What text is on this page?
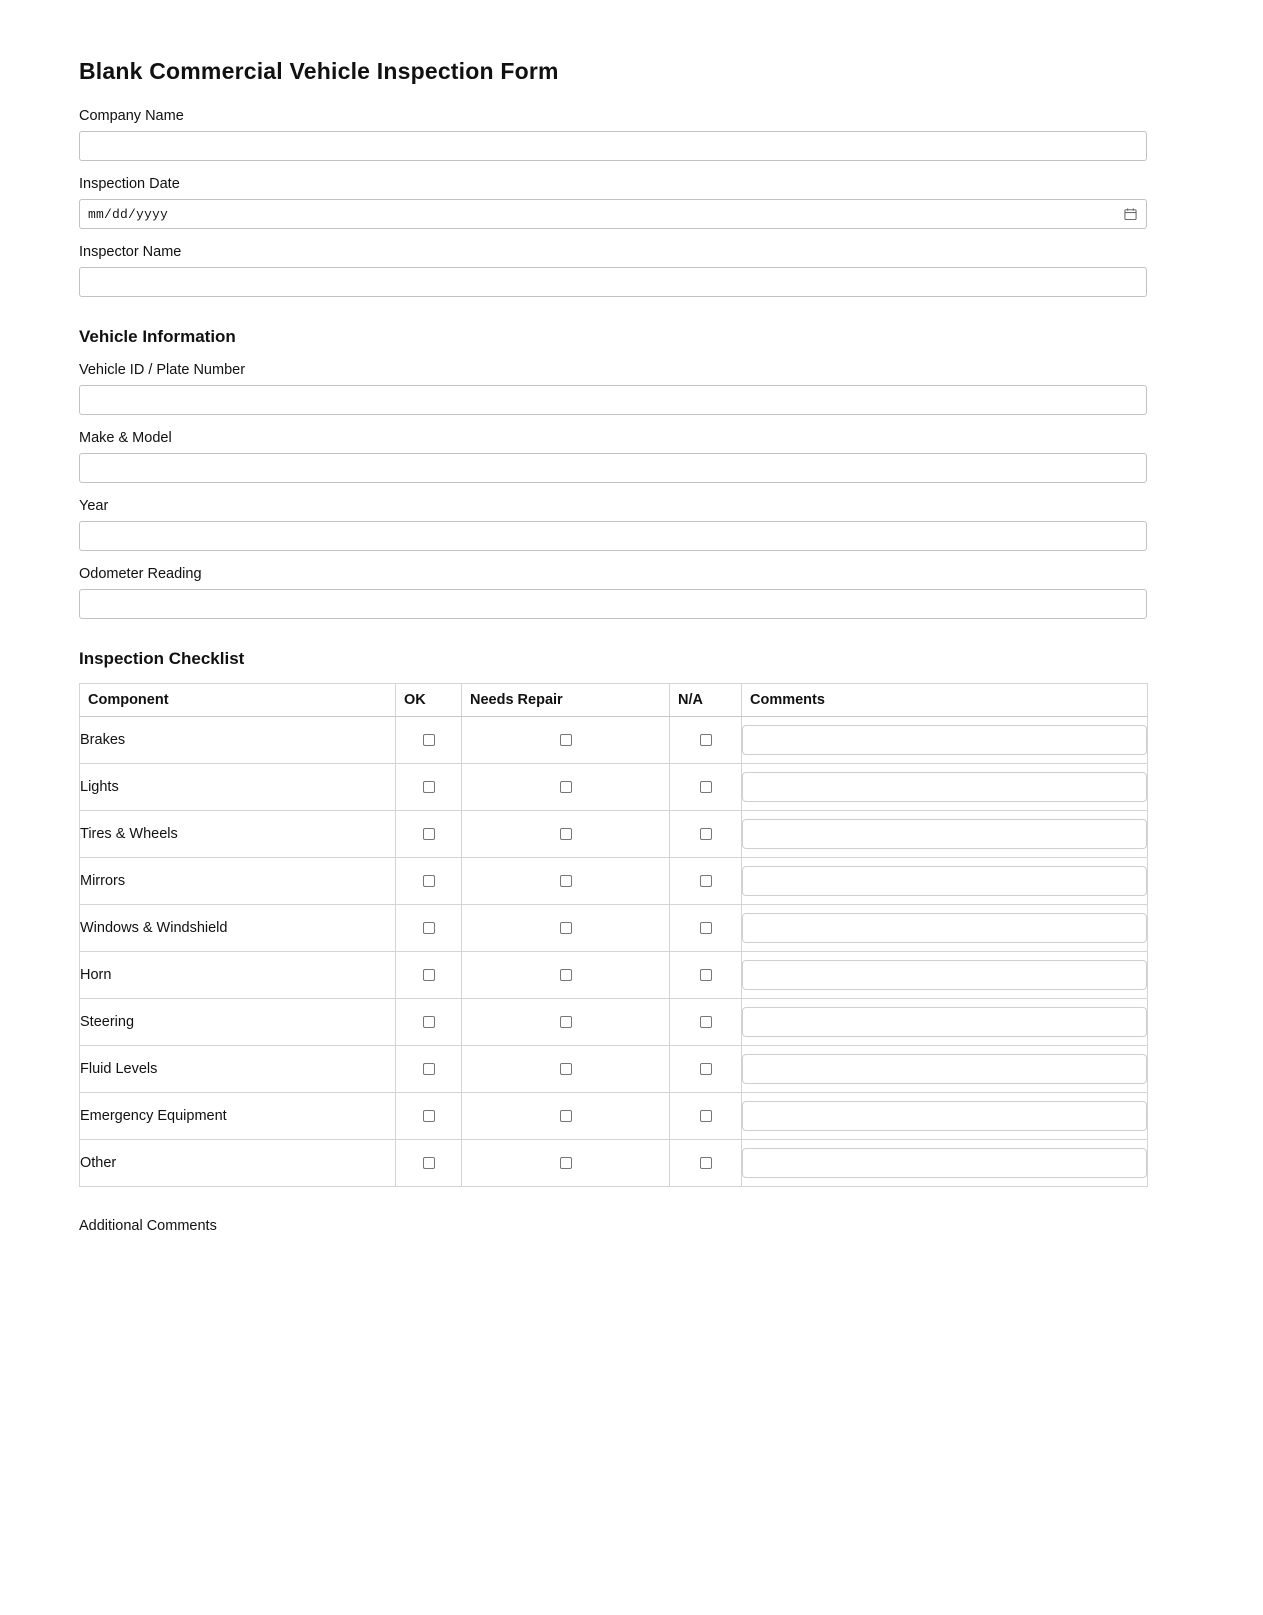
Blank Commercial Vehicle Inspection Form
Company Name
Inspection Date
mm/dd/yyyy
Inspector Name
Vehicle Information
Vehicle ID / Plate Number
Make & Model
Year
Odometer Reading
Inspection Checklist
Component	OK	Needs Repair	N/A	Comments
Brakes				

Lights				

Tires & Wheels				

Mirrors				

Windows & Windshield				

Horn				

Steering				

Fluid Levels				

Emergency Equipment				

Other				
Additional Comments
